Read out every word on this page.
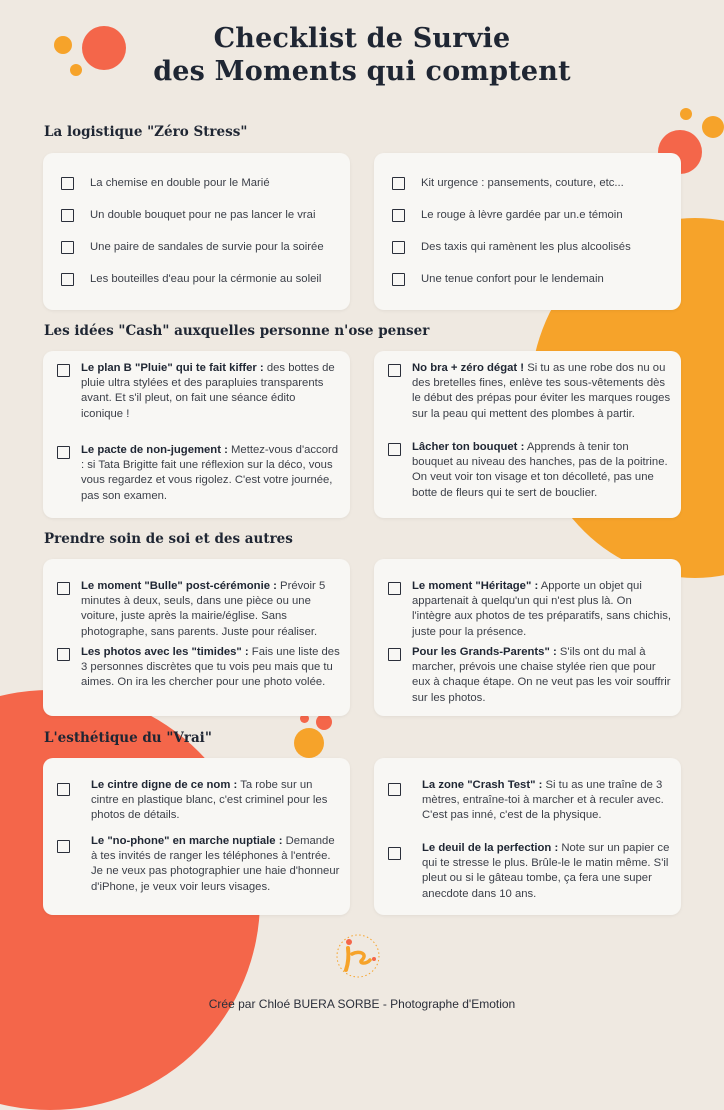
Checklist de Survie
des Moments qui comptent
La logistique "Zéro Stress"
La chemise en double pour le Marié
Un double bouquet pour ne pas lancer le vrai
Une paire de sandales de survie pour la soirée
Les bouteilles d'eau pour la cérmonie au soleil
Kit urgence : pansements, couture, etc...
Le rouge à lèvre gardée par un.e témoin
Des taxis qui ramènent les plus alcoolisés
Une tenue confort pour le lendemain
Les idées "Cash" auxquelles personne n'ose penser
Le plan B "Pluie" qui te fait kiffer : des bottes de pluie ultra stylées et des parapluies transparents avant. Et s'il pleut, on fait une séance édito iconique !
Le pacte de non-jugement : Mettez-vous d'accord : si Tata Brigitte fait une réflexion sur la déco, vous vous regardez et vous rigolez. C'est votre journée, pas son examen.
No bra + zéro dégat ! Si tu as une robe dos nu ou des bretelles fines, enlève tes sous-vêtements dès le début des prépas pour éviter les marques rouges sur la peau qui mettent des plombes à partir.
Lâcher ton bouquet : Apprends à tenir ton bouquet au niveau des hanches, pas de la poitrine. On veut voir ton visage et ton décolleté, pas une botte de fleurs qui te sert de bouclier.
Prendre soin de soi et des autres
Le moment "Bulle" post-cérémonie : Prévoir 5 minutes à deux, seuls, dans une pièce ou une voiture, juste après la mairie/église. Sans photographe, sans parents. Juste pour réaliser.
Les photos avec les "timides" : Fais une liste des 3 personnes discrètes que tu vois peu mais que tu aimes. On ira les chercher pour une photo volée.
Le moment "Héritage" : Apporte un objet qui appartenait à quelqu'un qui n'est plus là. On l'intègre aux photos de tes préparatifs, sans chichis, juste pour la présence.
Pour les Grands-Parents" : S'ils ont du mal à marcher, prévois une chaise stylée rien que pour eux à chaque étape. On ne veut pas les voir souffrir sur les photos.
L'esthétique du "Vrai"
Le cintre digne de ce nom : Ta robe sur un cintre en plastique blanc, c'est criminel pour les photos de détails.
Le "no-phone" en marche nuptiale : Demande à tes invités de ranger les téléphones à l'entrée. Je ne veux pas photographier une haie d'honneur d'iPhone, je veux voir leurs visages.
La zone "Crash Test" : Si tu as une traîne de 3 mètres, entraîne-toi à marcher et à reculer avec. C'est pas inné, c'est de la physique.
Le deuil de la perfection : Note sur un papier ce qui te stresse le plus. Brûle-le le matin même. S'il pleut ou si le gâteau tombe, ça fera une super anecdote dans 10 ans.
Crée par Chloé BUERA SORBE - Photographe d'Emotion
